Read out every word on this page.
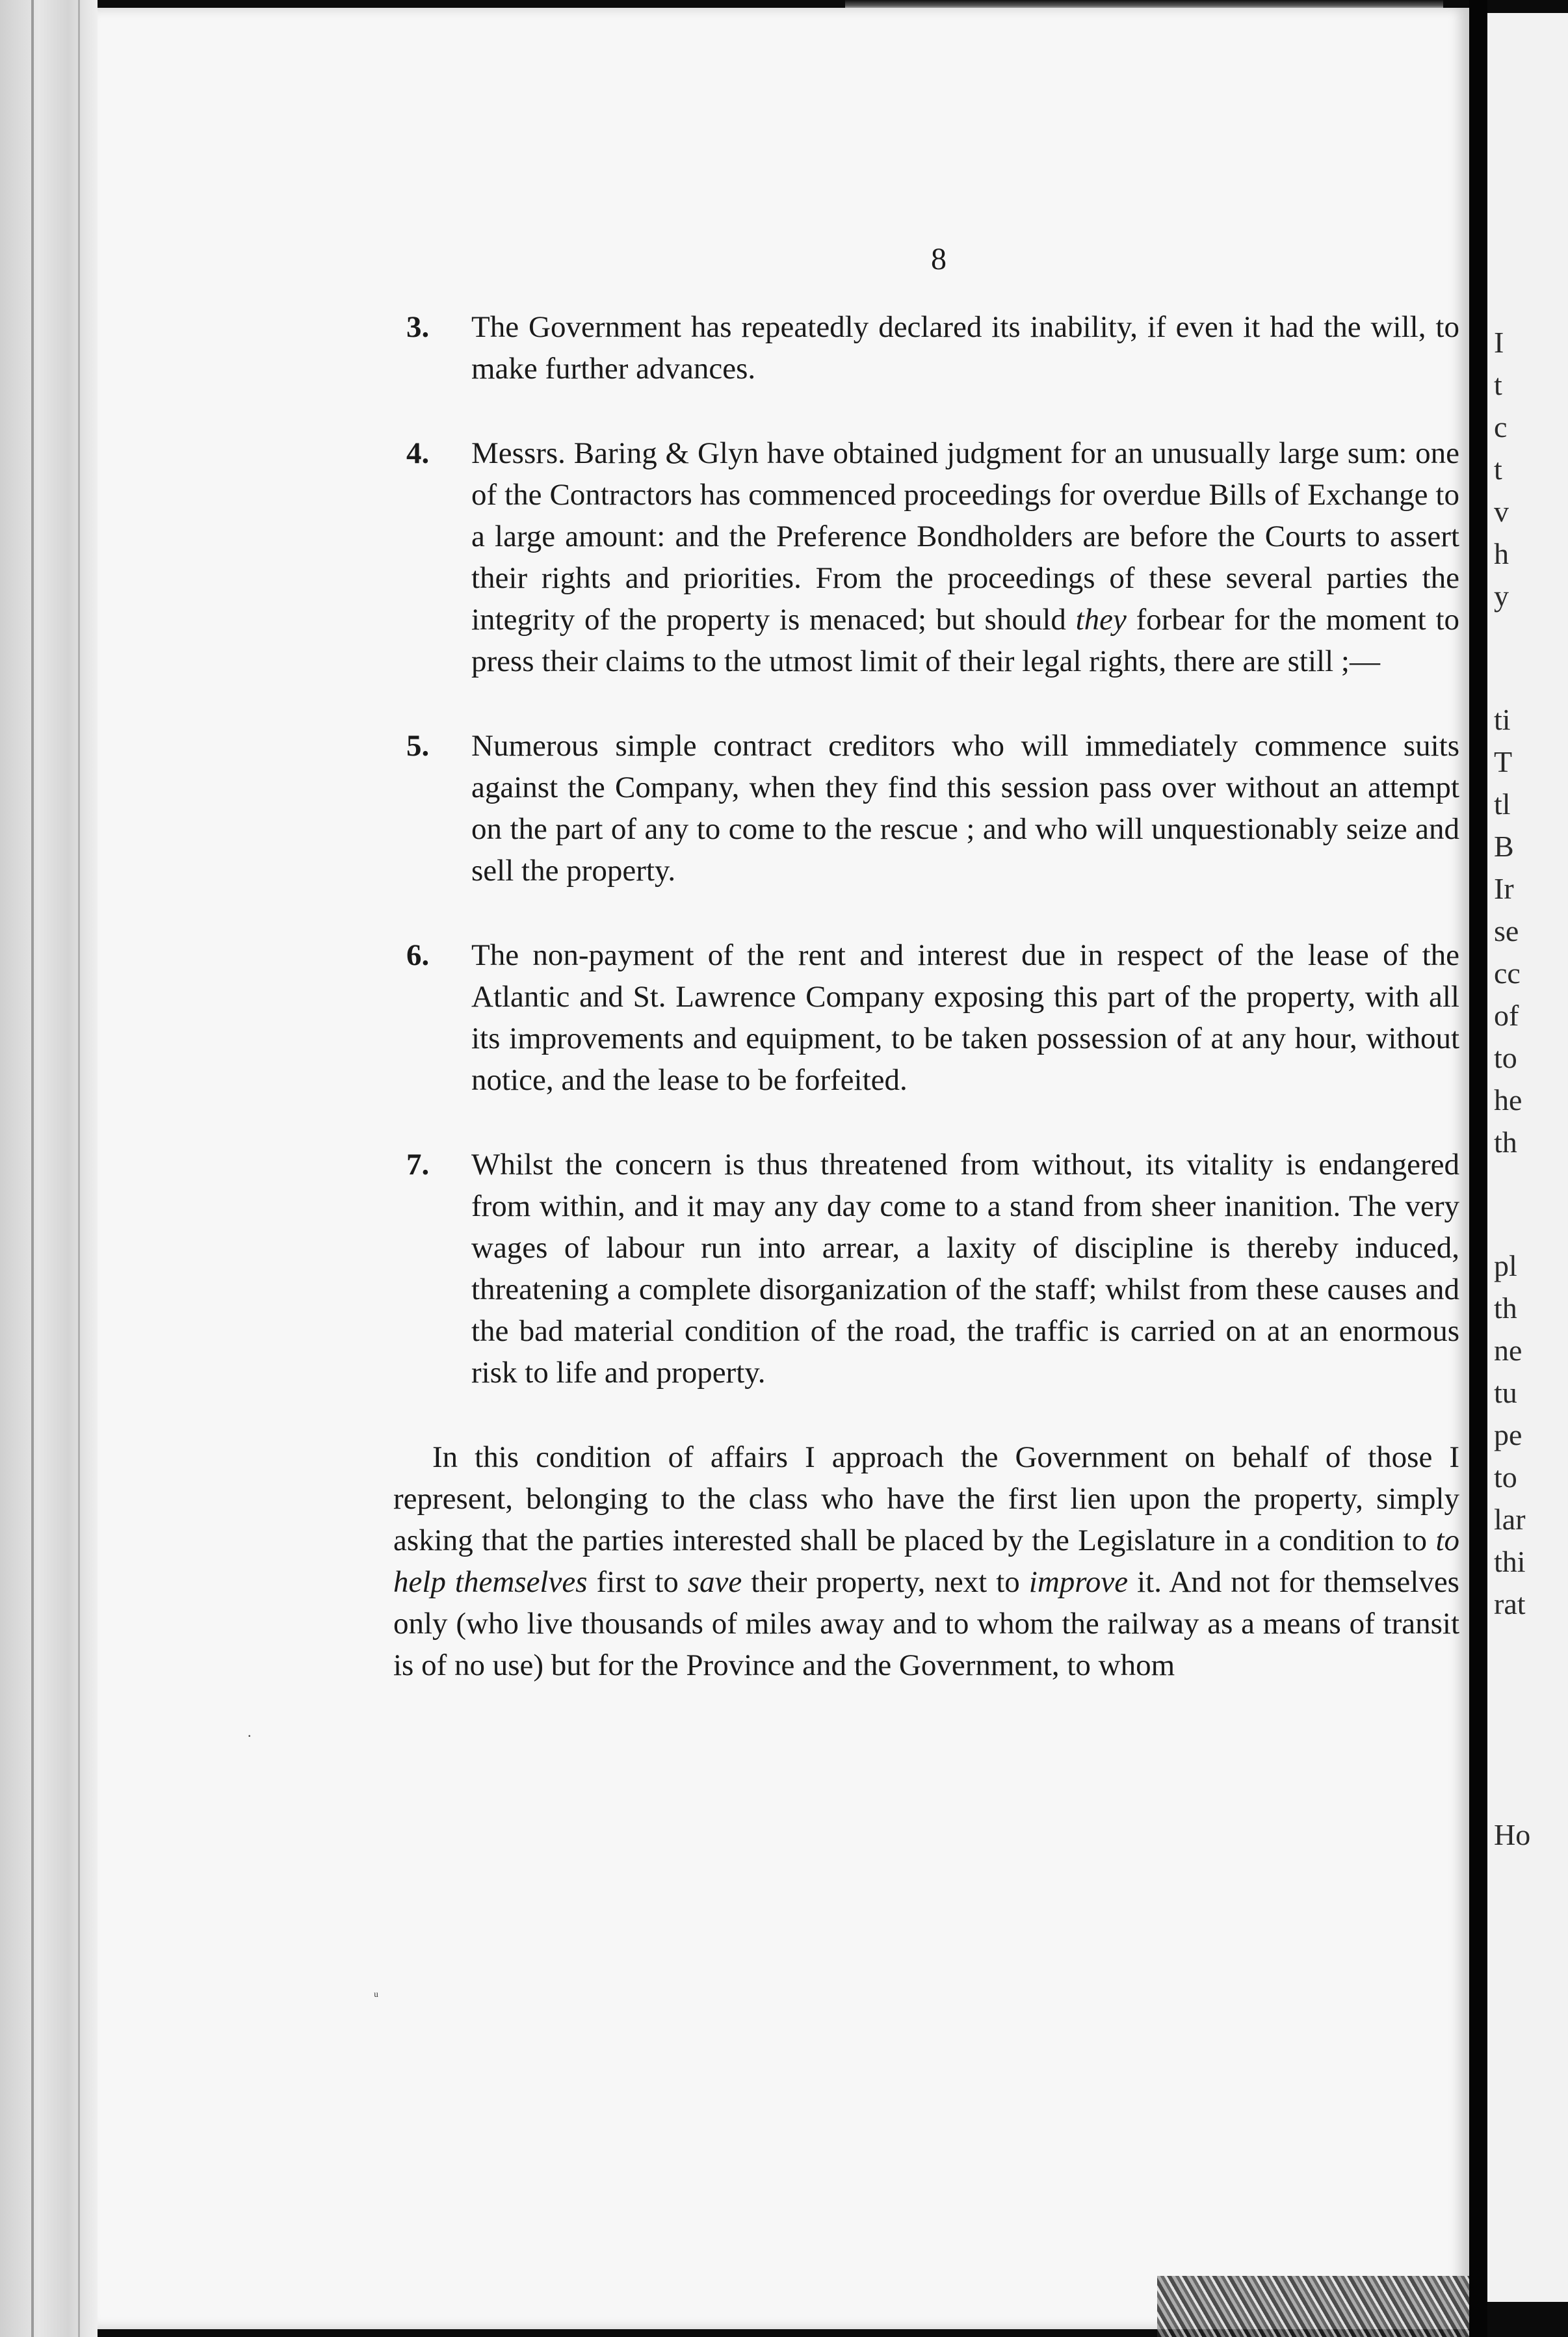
8
3. The Government has repeatedly declared its inability, if even it had the will, to make further advances.
4. Messrs. Baring & Glyn have obtained judgment for an unusually large sum: one of the Contractors has commenced proceedings for overdue Bills of Exchange to a large amount: and the Preference Bondholders are before the Courts to assert their rights and priorities. From the proceedings of these several parties the integrity of the property is menaced; but should they forbear for the moment to press their claims to the utmost limit of their legal rights, there are still ;—
5. Numerous simple contract creditors who will immediately commence suits against the Company, when they find this session pass over without an attempt on the part of any to come to the rescue ; and who will unquestionably seize and sell the property.
6. The non-payment of the rent and interest due in respect of the lease of the Atlantic and St. Lawrence Company exposing this part of the property, with all its improvements and equipment, to be taken possession of at any hour, without notice, and the lease to be forfeited.
7. Whilst the concern is thus threatened from without, its vitality is endangered from within, and it may any day come to a stand from sheer inanition. The very wages of labour run into arrear, a laxity of discipline is thereby induced, threatening a complete disorganization of the staff; whilst from these causes and the bad material condition of the road, the traffic is carried on at an enormous risk to life and property.

In this condition of affairs I approach the Government on behalf of those I represent, belonging to the class who have the first lien upon the property, simply asking that the parties interested shall be placed by the Legislature in a condition to to help themselves first to save their property, next to improve it. And not for themselves only (who live thousands of miles away and to whom the railway as a means of transit is of no use) but for the Province and the Government, to whom

ᵘ
·
I
t
c
t
v
h
y
ti
T
tl
B
Ir
se
cc
of
to
he
th
pl
th
ne
tu
pe
to
lar
thi
rat
Ho
